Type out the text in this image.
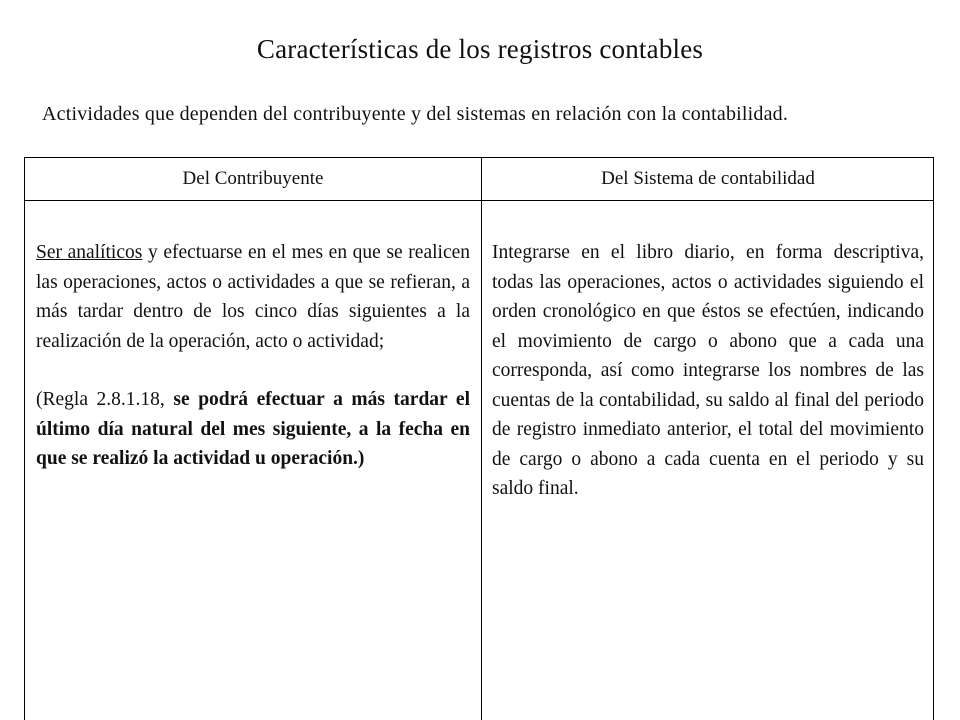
Características de los registros contables
Actividades que dependen del contribuyente y del sistemas en relación con la contabilidad.
Del Contribuyente	Del Sistema de contabilidad

Ser analíticos y efectuarse en el mes en que se realicen las operaciones, actos o actividades a que se refieran, a más tardar dentro de los cinco días siguientes a la realización de la operación, acto o actividad;

(Regla 2.8.1.18, se podrá efectuar a más tardar el último día natural del mes siguiente, a la fecha en que se realizó la actividad u operación.)

Integrarse en el libro diario, en forma descriptiva, todas las operaciones, actos o actividades siguiendo el orden cronológico en que éstos se efectúen, indicando el movimiento de cargo o abono que a cada una corresponda, así como integrarse los nombres de las cuentas de la contabilidad, su saldo al final del periodo de registro inmediato anterior, el total del movimiento de cargo o abono a cada cuenta en el periodo y su saldo final.
